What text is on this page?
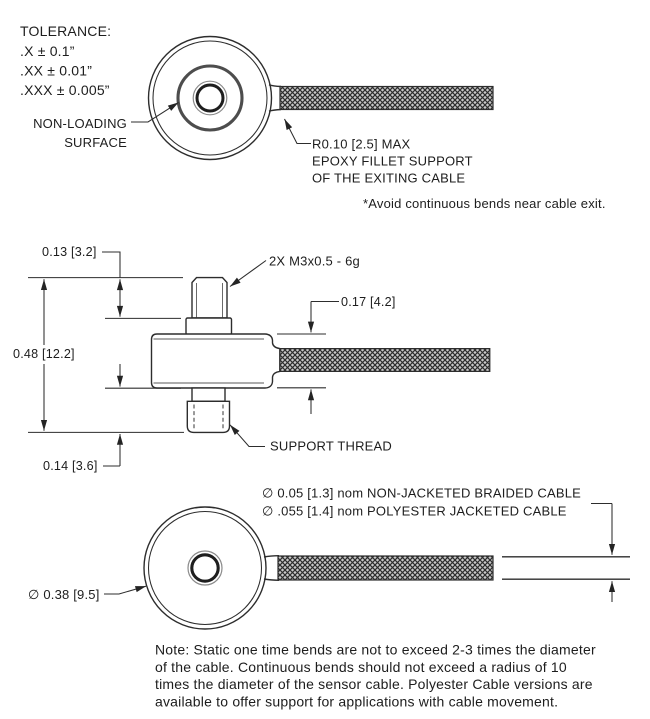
NON-LOADING
SURFACE	R0.10 [2.5] MAX
EPOXY FILLET SUPPORT
OF THE EXITING CABLE
*Avoid continuous bends near cable exit.
TOLERANCE:
.X ± 0.1”
.XX ± 0.01”
.XXX ± 0.005”
0.48 [12.2]
0.13 [3.2]
0.14 [3.6]
0.17 [4.2]
2X M3x0.5 - 6g
SUPPORT THREAD
∅ 0.05 [1.3] nom NON-JACKETED BRAIDED CABLE
∅ .055 [1.4] nom POLYESTER JACKETED CABLE
∅ 0.38 [9.5]
Note: Static one time bends are not to exceed 2-3 times the diameter
of the cable. Continuous bends should not exceed a radius of 10
times the diameter of the sensor cable. Polyester Cable versions are
available to offer support for applications with cable movement.
